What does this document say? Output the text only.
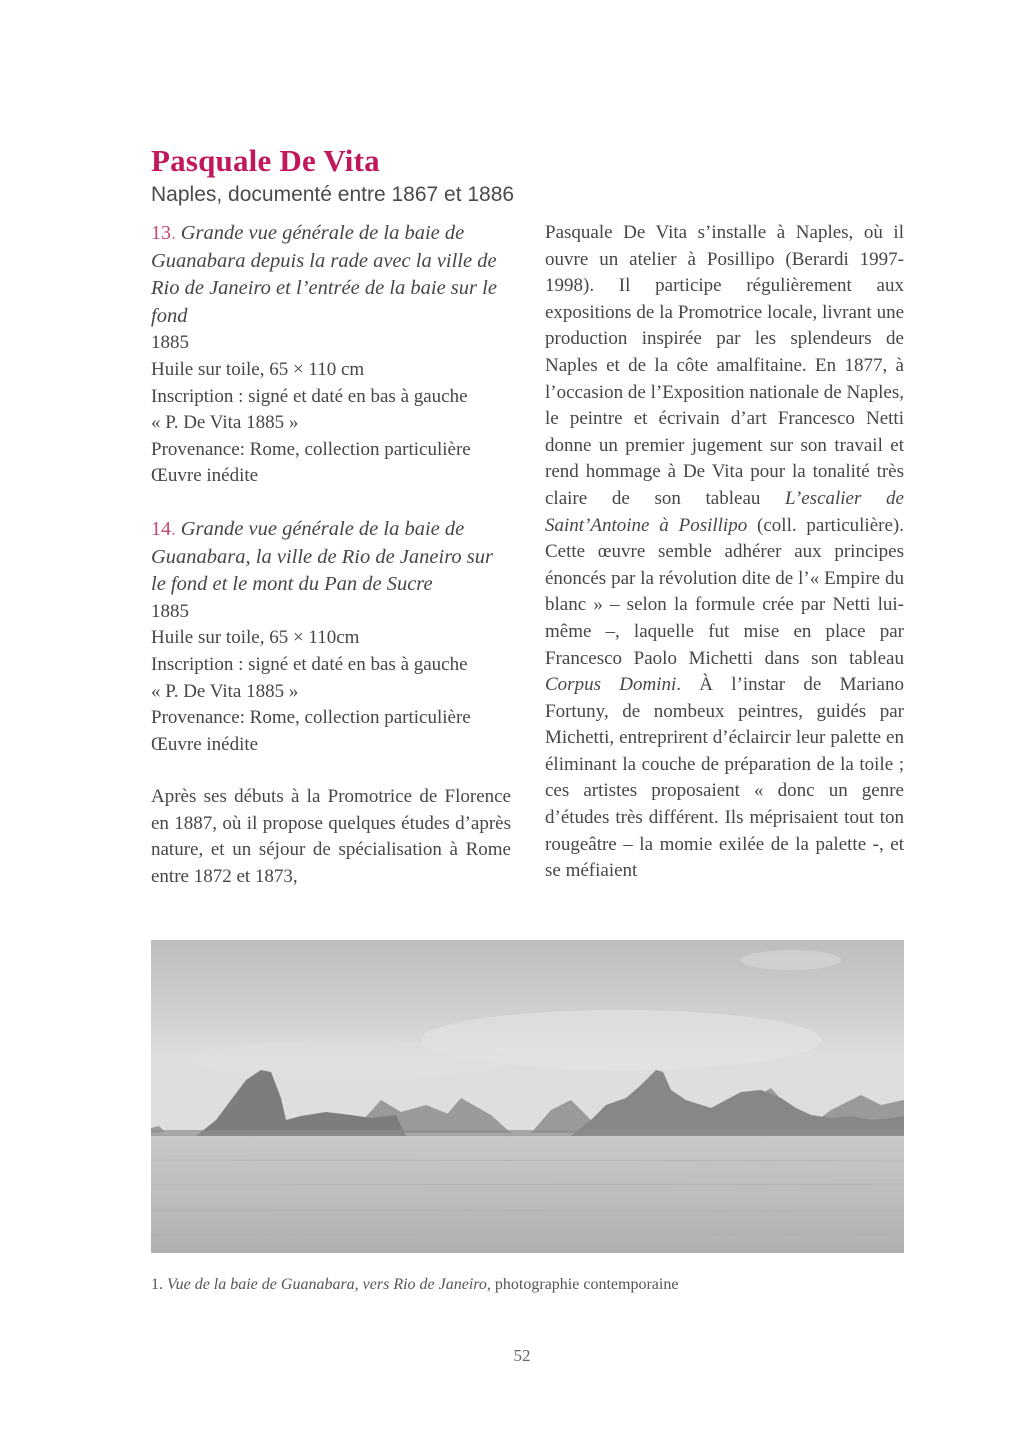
Pasquale De Vita
Naples, documenté entre 1867 et 1886
13. Grande vue générale de la baie de Guanabara depuis la rade avec la ville de Rio de Janeiro et l’entrée de la baie sur le fond
1885
Huile sur toile, 65 × 110 cm
Inscription : signé et daté en bas à gauche
« P. De Vita 1885 »
Provenance: Rome, collection particulière
Œuvre inédite
14. Grande vue générale de la baie de Guanabara, la ville de Rio de Janeiro sur le fond et le mont du Pan de Sucre
1885
Huile sur toile, 65 × 110cm
Inscription : signé et daté en bas à gauche
« P. De Vita 1885 »
Provenance: Rome, collection particulière
Œuvre inédite

Après ses débuts à la Promotrice de Florence en 1887, où il propose quelques études d’après nature, et un séjour de spécialisation à Rome entre 1872 et 1873,

Pasquale De Vita s’installe à Naples, où il ouvre un atelier à Posillipo (Berardi 1997-1998). Il participe régulièrement aux expositions de la Promotrice locale, livrant une production inspirée par les splendeurs de Naples et de la côte amalfitaine. En 1877, à l’occasion de l’Exposition nationale de Naples, le peintre et écrivain d’art Francesco Netti donne un premier jugement sur son travail et rend hommage à De Vita pour la tonalité très claire de son tableau L’escalier de Saint’Antoine à Posillipo (coll. particulière). Cette œuvre semble adhérer aux principes énoncés par la révolution dite de l’« Empire du blanc » – selon la formule crée par Netti lui-même –, laquelle fut mise en place par Francesco Paolo Michetti dans son tableau Corpus Domini. À l’instar de Mariano Fortuny, de nombeux peintres, guidés par Michetti, entreprirent d’éclaircir leur palette en éliminant la couche de préparation de la toile ; ces artistes proposaient « donc un genre d’études très différent. Ils méprisaient tout ton rougeâtre – la momie exilée de la palette -, et se méfiaient

1. Vue de la baie de Guanabara, vers Rio de Janeiro, photographie contemporaine
52
